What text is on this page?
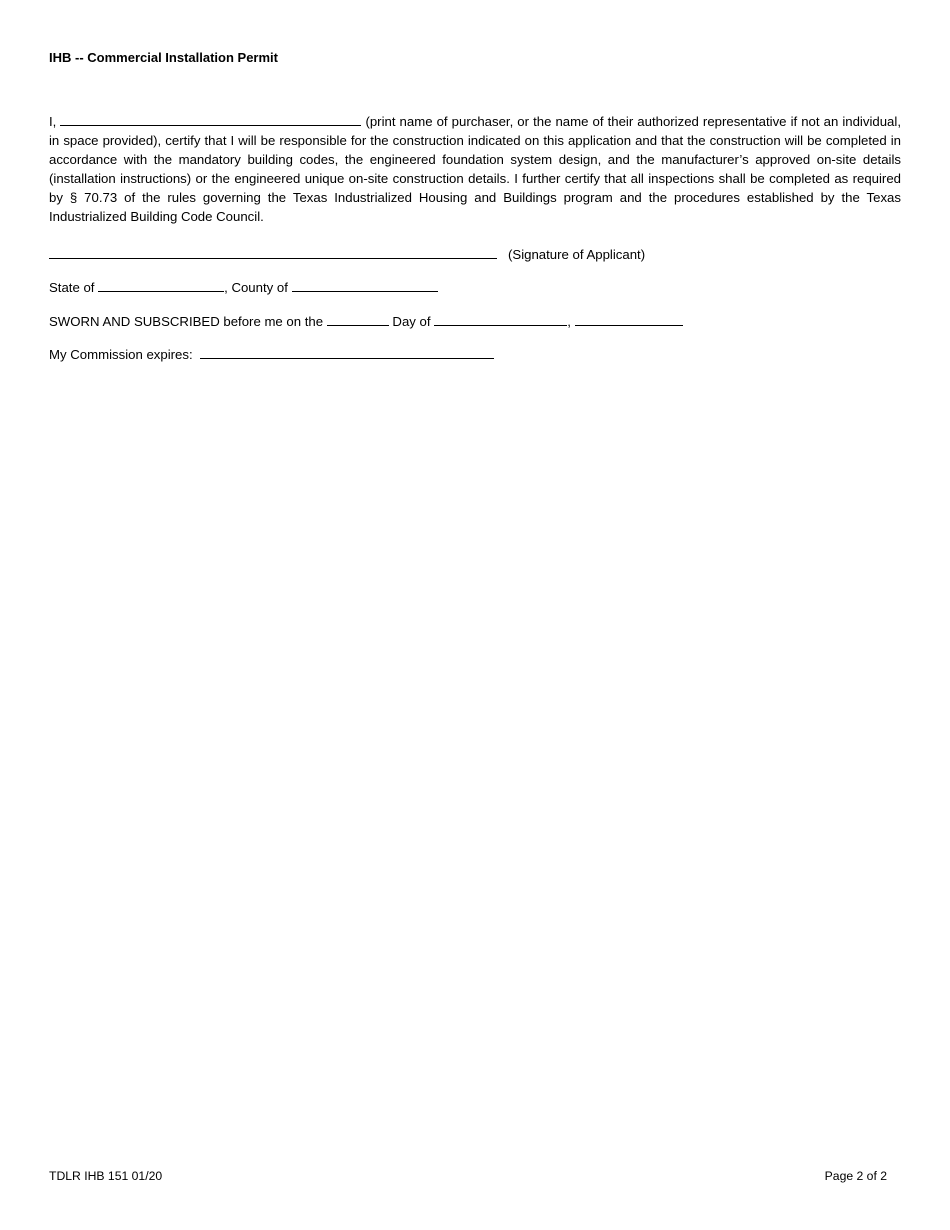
IHB -- Commercial Installation Permit

I,	(print name of purchaser, or the name of their authorized representative if not an individual, in space provided), certify that I will be responsible for the construction indicated on this application and that the construction will be completed in accordance with the mandatory building codes, the engineered foundation system design, and the manufacturer’s approved on-site details (installation instructions) or the engineered unique on-site construction details. I further certify that all inspections shall be completed as required by § 70.73 of the rules governing the Texas Industrialized Housing and Buildings program and the procedures established by the Texas Industrialized Building Code Council.

(Signature of Applicant)
State of	, County of
SWORN AND SUBSCRIBED before me on the	Day of	,
My Commission expires:
TDLR IHB 151 01/20	Page 2 of 2
